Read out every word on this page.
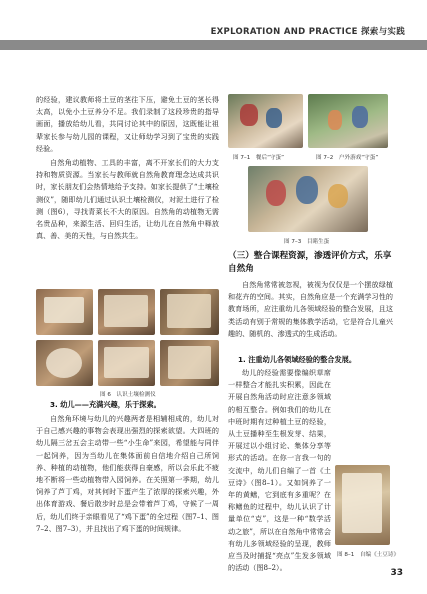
EXPLORATION AND PRACTICE 探索与实践

的经验，建议教师将土豆的茎往下压，避免土豆的茎长得太高，以免小土豆养分不足。我们录制了这段珍贵的指导画面，播放给幼儿看，共同讨论其中的原因，这既能让祖辈家长参与幼儿园的课程，又让师幼学习到了宝贵的实践经验。

自然角动植物、工具的丰富，离不开家长们的大力支持和物质资源。当家长与教师就自然角教育理念达成共识时，家长朋友们会热情地给予支持。如家长提供了“土壤检测仪”，随即幼儿们通过认识土壤检测仪，对泥土进行了检测（图6），寻找青菜长不大的原因。自然角的动植物无需名贵品种，来源生活、回归生活，让幼儿在自然角中释放真、善、美的天性，与自然共生。

图 6　认识土壤检测仪
3. 幼儿——充满兴趣，乐于探索。

自然角环境与幼儿的兴趣两者是相辅相成的，幼儿对于自己感兴趣的事物会表现出强烈的探索欲望。大四班的幼儿隔三岔五会主动带一些“小生命”来园，希望能与同伴一起饲养，因为当幼儿在集体面前自信地介绍自己所饲养、种植的动植物，他们能获得自豪感，所以会乐此不疲地不断将一些动植物带入园饲养。在关照第一季期，幼儿饲养了芦丁鸡，对其何时下蛋产生了浓厚的探索兴趣，外出体育游戏、餐后散步时总是会带着芦丁鸡，守候了一周后，幼儿们终于亲眼看见了“鸡下蛋”的全过程（图7–1、图7–2、图7–3），并且找出了鸡下蛋的时间规律。

图 7–1　餐后“守蛋”	图 7–2　户外游戏“守蛋”
图 7–3　目睹生蛋
（三）整合课程资源，渗透评价方式，乐享自然角

自然角常常被忽视，被视为仅仅是一个摆放绿植和花卉的空间。其实，自然角应是一个充满学习性的教育场所，应注重幼儿各领域经验的整合发展，且这类活动有别于常规的集体教学活动，它是符合儿童兴趣的、随机的、渗透式的生成活动。

1. 注重幼儿各领域经验的整合发展。

幼儿的经验需要像编织草席一样整合才能扎实积累，因此在开展自然角活动时应注意多领域的相互整合。例如我们的幼儿在中班时期有过种植土豆的经验，从土豆播种至生根发芽、结果，开展过以小组讨论、集体分享等形式的活动。在你一言我一句的交流中，幼儿们自编了一首《土豆诗》（图8–1）。又如饲养了一年的黄鳝，它到底有多重呢？在称鳝鱼的过程中，幼儿认识了计量单位“克”，这是一种“数学活动之旅”，所以在自然角中常常会有幼儿多领域经验的呈现，教师应当及时捕捉“亮点”生发多领域的活动（图8–2）。

图 8–1　自编《土豆诗》
33
